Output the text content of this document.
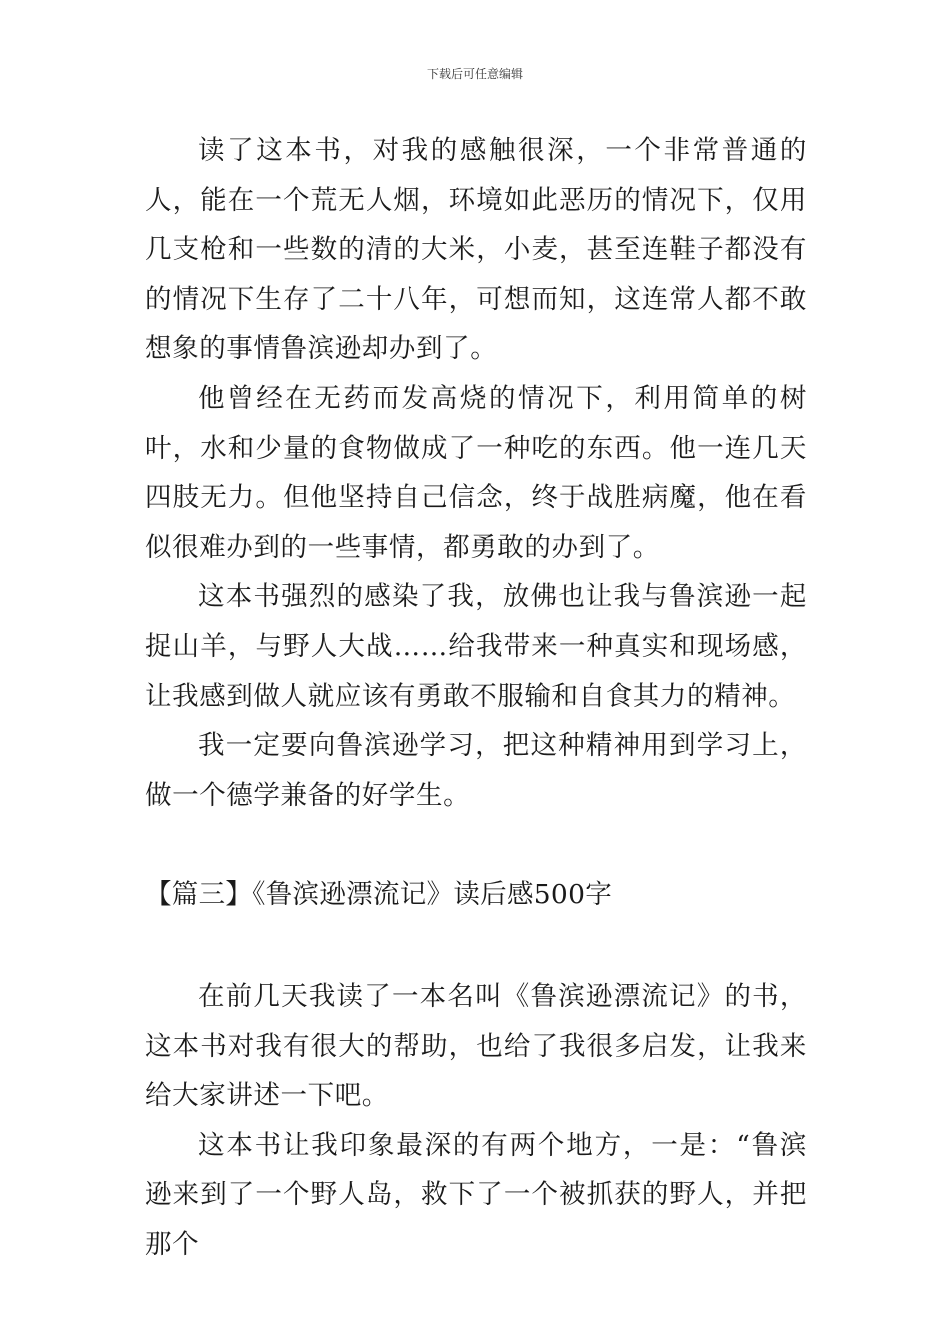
下载后可任意编辑

读了这本书，对我的感触很深，一个非常普通的人，能在一个荒无人烟，环境如此恶历的情况下，仅用几支枪和一些数的清的大米，小麦，甚至连鞋子都没有的情况下生存了二十八年，可想而知，这连常人都不敢想象的事情鲁滨逊却办到了。

他曾经在无药而发高烧的情况下，利用简单的树叶，水和少量的食物做成了一种吃的东西。他一连几天四肢无力。但他坚持自己信念，终于战胜病魔，他在看似很难办到的一些事情，都勇敢的办到了。

这本书强烈的感染了我，放佛也让我与鲁滨逊一起捉山羊，与野人大战……给我带来一种真实和现场感，让我感到做人就应该有勇敢不服输和自食其力的精神。

我一定要向鲁滨逊学习，把这种精神用到学习上，做一个德学兼备的好学生。

【篇三】《鲁滨逊漂流记》读后感500字

在前几天我读了一本名叫《鲁滨逊漂流记》的书，这本书对我有很大的帮助，也给了我很多启发，让我来给大家讲述一下吧。

这本书让我印象最深的有两个地方，一是：“鲁滨逊来到了一个野人岛，救下了一个被抓获的野人，并把那个
